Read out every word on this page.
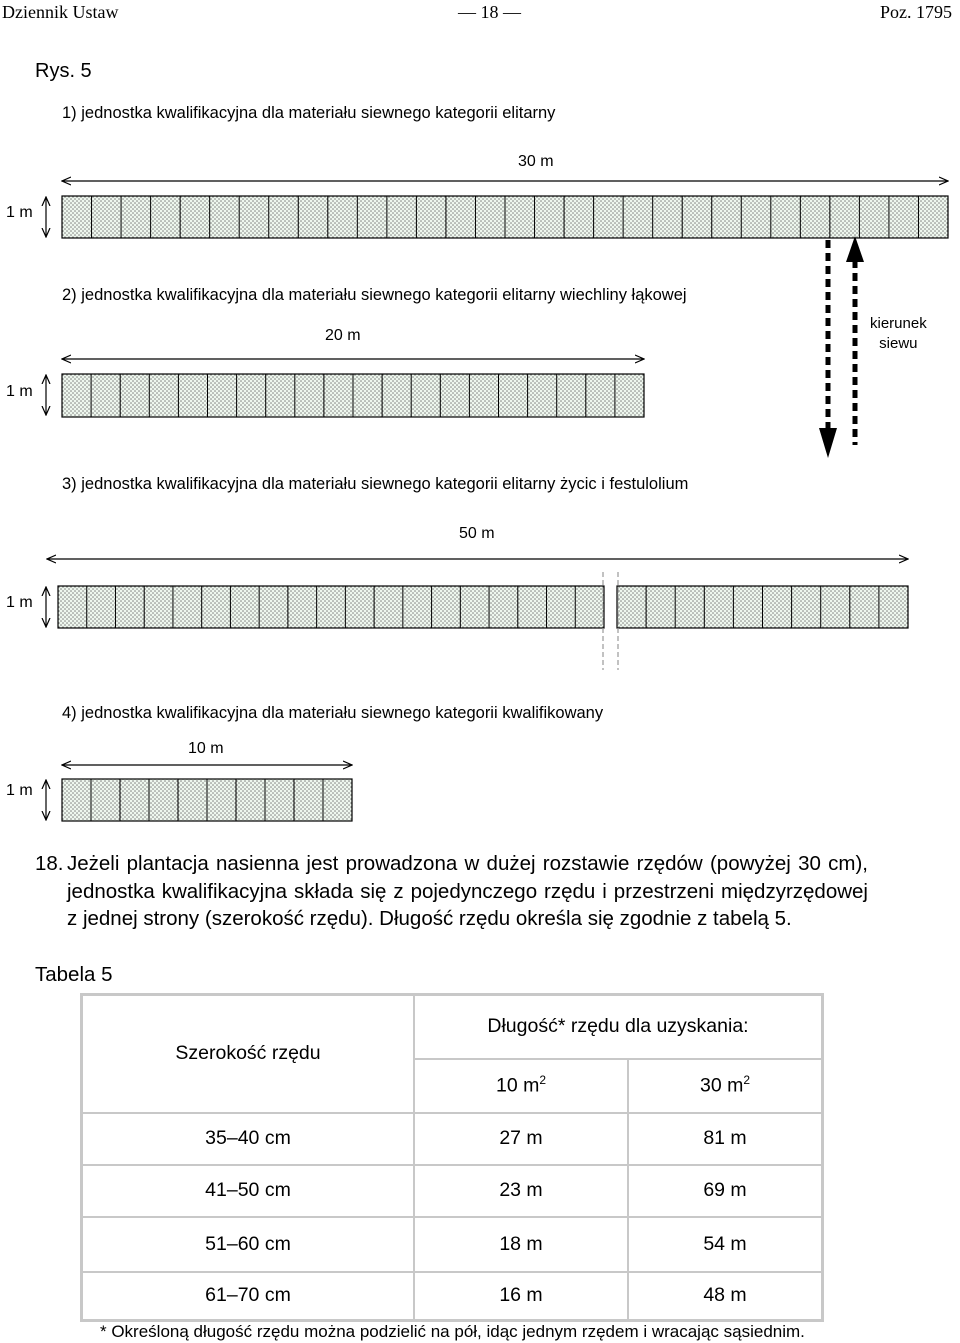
Dziennik Ustaw	— 18 —	Poz. 1795
Rys. 5
1) jednostka kwalifikacyjna dla materiału siewnego kategorii elitarny
30 m
1 m
2) jednostka kwalifikacyjna dla materiału siewnego kategorii elitarny wiechliny łąkowej
20 m
1 m
kierunek
siewu
3) jednostka kwalifikacyjna dla materiału siewnego kategorii elitarny życic i festulolium
50 m
1 m
4) jednostka kwalifikacyjna dla materiału siewnego kategorii kwalifikowany
10 m
1 m
18. Jeżeli plantacja nasienna jest prowadzona w dużej rozstawie rzędów (powyżej 30 cm), jednostka kwalifikacyjna składa się z pojedynczego rzędu i przestrzeni międzyrzędowej z jednej strony (szerokość rzędu). Długość rzędu określa się zgodnie z tabelą 5.
Tabela 5
Szerokość rzędu	Długość* rzędu dla uzyskania:	
	10 $m^2$	30 $m^2$
35–40 cm	27 m	81 m
41–50 cm	23 m	69 m
51–60 cm	18 m	54 m
61–70 cm	16 m	48 m
* Określoną długość rzędu można podzielić na pół, idąc jednym rzędem i wracając sąsiednim.
